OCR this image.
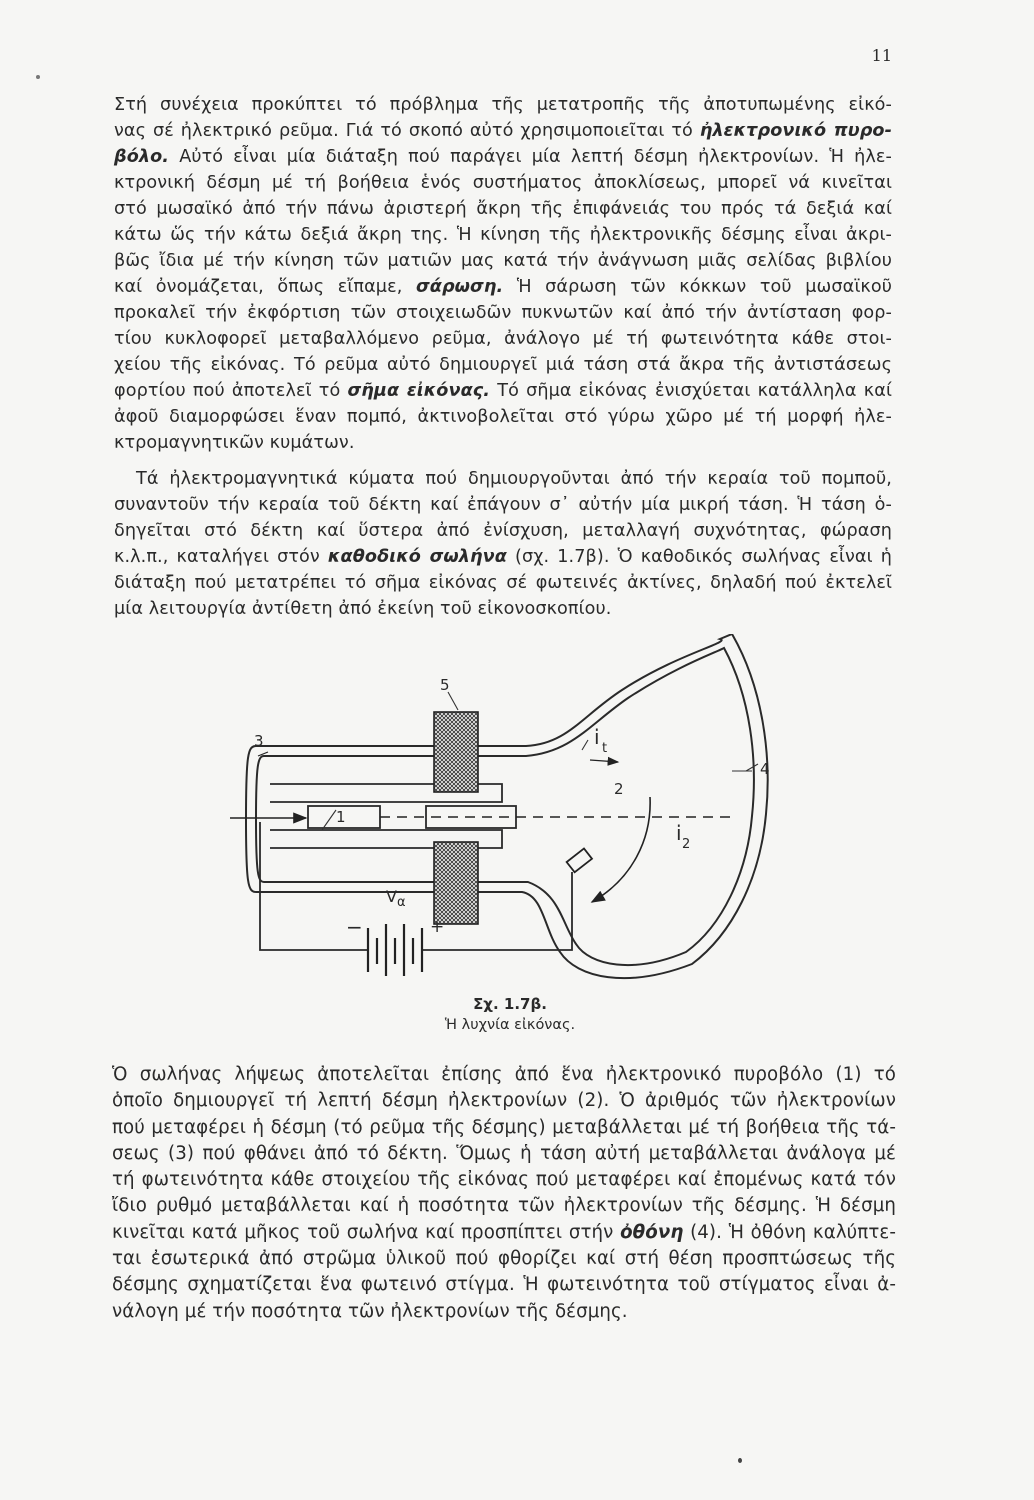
11
Στή συνέχεια προκύπτει τό πρόβλημα τῆς μετατροπῆς τῆς ἀποτυπωμένης εἰκό-
νας σέ ἠλεκτρικό ρεῦμα. Γιά τό σκοπό αὐτό χρησιμοποιεῖται τό ἠλεκτρονικό πυρο-
βόλο. Αὐτό εἶναι μία διάταξη πού παράγει μία λεπτή δέσμη ἠλεκτρονίων. Ἡ ἠλε-
κτρονική δέσμη μέ τή βοήθεια ἑνός συστήματος ἀποκλίσεως, μπορεῖ νά κινεῖται
στό μωσαϊκό ἀπό τήν πάνω ἀριστερή ἄκρη τῆς ἐπιφάνειάς του πρός τά δεξιά καί
κάτω ὥς τήν κάτω δεξιά ἄκρη της. Ἡ κίνηση τῆς ἠλεκτρονικῆς δέσμης εἶναι ἀκρι-
βῶς ἴδια μέ τήν κίνηση τῶν ματιῶν μας κατά τήν ἀνάγνωση μιᾶς σελίδας βιβλίου
καί ὀνομάζεται, ὅπως εἴπαμε, σάρωση. Ἡ σάρωση τῶν κόκκων τοῦ μωσαϊκοῦ
προκαλεῖ τήν ἐκφόρτιση τῶν στοιχειωδῶν πυκνωτῶν καί ἀπό τήν ἀντίσταση φορ-
τίου κυκλοφορεῖ μεταβαλλόμενο ρεῦμα, ἀνάλογο μέ τή φωτεινότητα κάθε στοι-
χείου τῆς εἰκόνας. Τό ρεῦμα αὐτό δημιουργεῖ μιά τάση στά ἄκρα τῆς ἀντιστάσεως
φορτίου πού ἀποτελεῖ τό σῆμα εἰκόνας. Τό σῆμα εἰκόνας ἐνισχύεται κατάλληλα καί
ἀφοῦ διαμορφώσει ἕναν πομπό, ἀκτινοβολεῖται στό γύρω χῶρο μέ τή μορφή ἠλε-
κτρομαγνητικῶν κυμάτων.
Τά ἠλεκτρομαγνητικά κύματα πού δημιουργοῦνται ἀπό τήν κεραία τοῦ πομποῦ,
συναντοῦν τήν κεραία τοῦ δέκτη καί ἐπάγουν σ᾿ αὐτήν μία μικρή τάση. Ἡ τάση ὁ-
δηγεῖται στό δέκτη καί ὕστερα ἀπό ἐνίσχυση, μεταλλαγή συχνότητας, φώραση
κ.λ.π., καταλήγει στόν καθοδικό σωλήνα (σχ. 1.7β). Ὁ καθοδικός σωλήνας εἶναι ἡ
διάταξη πού μετατρέπει τό σῆμα εἰκόνας σέ φωτεινές ἀκτίνες, δηλαδή πού ἐκτελεῖ
μία λειτουργία ἀντίθετη ἀπό ἐκείνη τοῦ εἰκονοσκοπίου.
5
3
4
1
2
i t
i 2
V α
−	+
Σχ. 1.7β.
Ἡ λυχνία εἰκόνας.
Ὁ σωλήνας λήψεως ἀποτελεῖται ἐπίσης ἀπό ἕνα ἠλεκτρονικό πυροβόλο (1) τό
ὁποῖο δημιουργεῖ τή λεπτή δέσμη ἠλεκτρονίων (2). Ὁ ἀριθμός τῶν ἠλεκτρονίων
πού μεταφέρει ἡ δέσμη (τό ρεῦμα τῆς δέσμης) μεταβάλλεται μέ τή βοήθεια τῆς τά-
σεως (3) πού φθάνει ἀπό τό δέκτη. Ὅμως ἡ τάση αὐτή μεταβάλλεται ἀνάλογα μέ
τή φωτεινότητα κάθε στοιχείου τῆς εἰκόνας πού μεταφέρει καί ἐπομένως κατά τόν
ἴδιο ρυθμό μεταβάλλεται καί ἡ ποσότητα τῶν ἠλεκτρονίων τῆς δέσμης. Ἡ δέσμη
κινεῖται κατά μῆκος τοῦ σωλήνα καί προσπίπτει στήν ὀθόνη (4). Ἡ ὀθόνη καλύπτε-
ται ἐσωτερικά ἀπό στρῶμα ὑλικοῦ πού φθορίζει καί στή θέση προσπτώσεως τῆς
δέσμης σχηματίζεται ἕνα φωτεινό στίγμα. Ἡ φωτεινότητα τοῦ στίγματος εἶναι ἀ-
νάλογη μέ τήν ποσότητα τῶν ἠλεκτρονίων τῆς δέσμης.
